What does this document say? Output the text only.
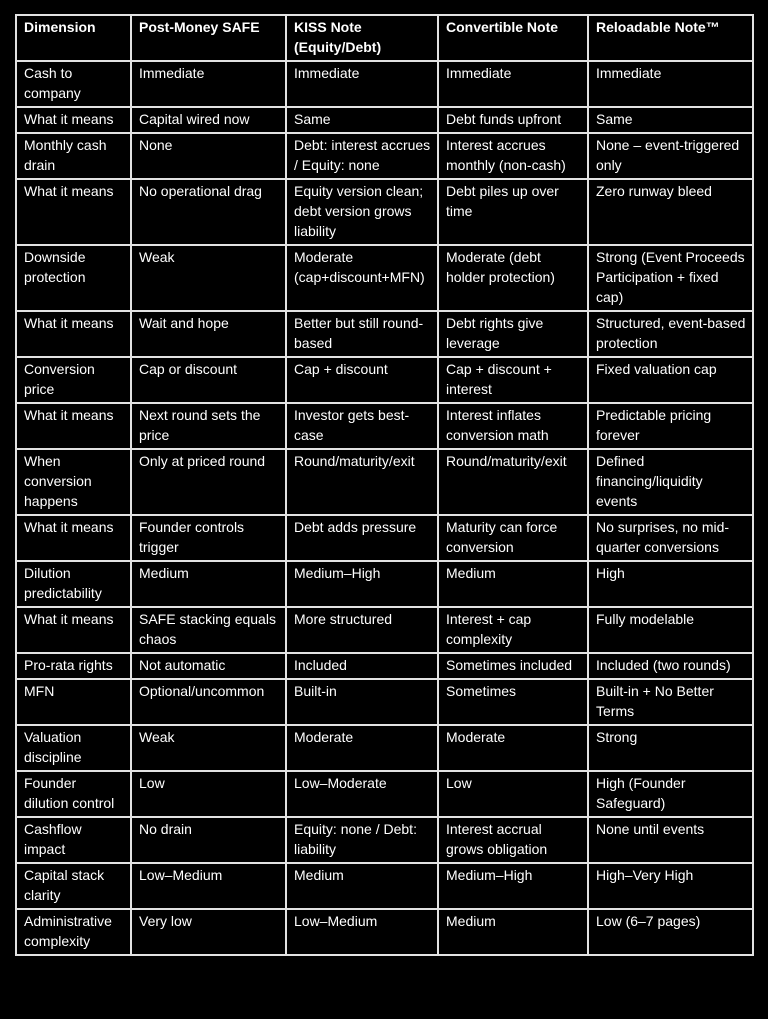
Dimension	Post-Money SAFE	KISS Note (Equity/Debt)	Convertible Note	Reloadable Note™
Cash to company	Immediate	Immediate	Immediate	Immediate
What it means	Capital wired now	Same	Debt funds upfront	Same
Monthly cash drain	None	Debt: interest accrues / Equity: none	Interest accrues monthly (non-cash)	None – event-triggered only
What it means	No operational drag	Equity version clean; debt version grows liability	Debt piles up over time	Zero runway bleed
Downside protection	Weak	Moderate (cap+discount+MFN)	Moderate (debt holder protection)	Strong (Event Proceeds Participation + fixed cap)
What it means	Wait and hope	Better but still round-based	Debt rights give leverage	Structured, event-based protection
Conversion price	Cap or discount	Cap + discount	Cap + discount + interest	Fixed valuation cap
What it means	Next round sets the price	Investor gets best-case	Interest inflates conversion math	Predictable pricing forever
When conversion happens	Only at priced round	Round/maturity/exit	Round/maturity/exit	Defined financing/liquidity events
What it means	Founder controls trigger	Debt adds pressure	Maturity can force conversion	No surprises, no mid-quarter conversions
Dilution predictability	Medium	Medium–High	Medium	High
What it means	SAFE stacking equals chaos	More structured	Interest + cap complexity	Fully modelable
Pro-rata rights	Not automatic	Included	Sometimes included	Included (two rounds)
MFN	Optional/uncommon	Built-in	Sometimes	Built-in + No Better Terms
Valuation discipline	Weak	Moderate	Moderate	Strong
Founder dilution control	Low	Low–Moderate	Low	High (Founder Safeguard)
Cashflow impact	No drain	Equity: none / Debt: liability	Interest accrual grows obligation	None until events
Capital stack clarity	Low–Medium	Medium	Medium–High	High–Very High
Administrative complexity	Very low	Low–Medium	Medium	Low (6–7 pages)
